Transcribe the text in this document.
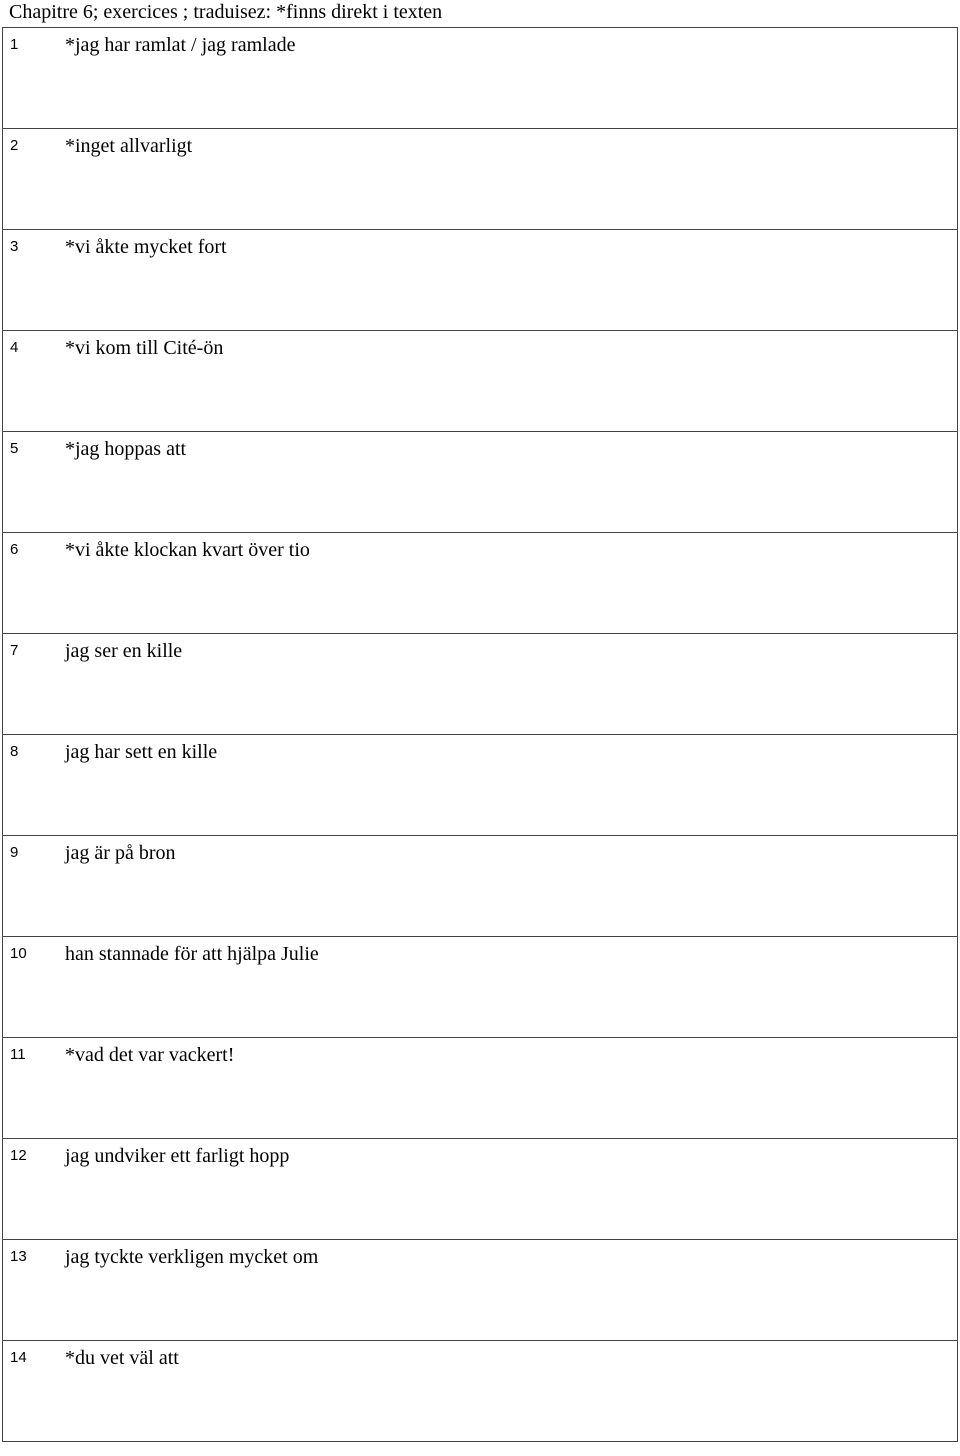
Chapitre 6; exercices ; traduisez: *finns direkt i texten
1	*jag har ramlat / jag ramlade

2	*inget allvarligt

3	*vi åkte mycket fort

4	*vi kom till Cité-ön

5	*jag hoppas att

6	*vi åkte klockan kvart över tio

7	jag ser en kille

8	jag har sett en kille

9	jag är på bron

10	han stannade för att hjälpa Julie

11	*vad det var vackert!

12	jag undviker ett farligt hopp

13	jag tyckte verkligen mycket om

14	*du vet väl att
